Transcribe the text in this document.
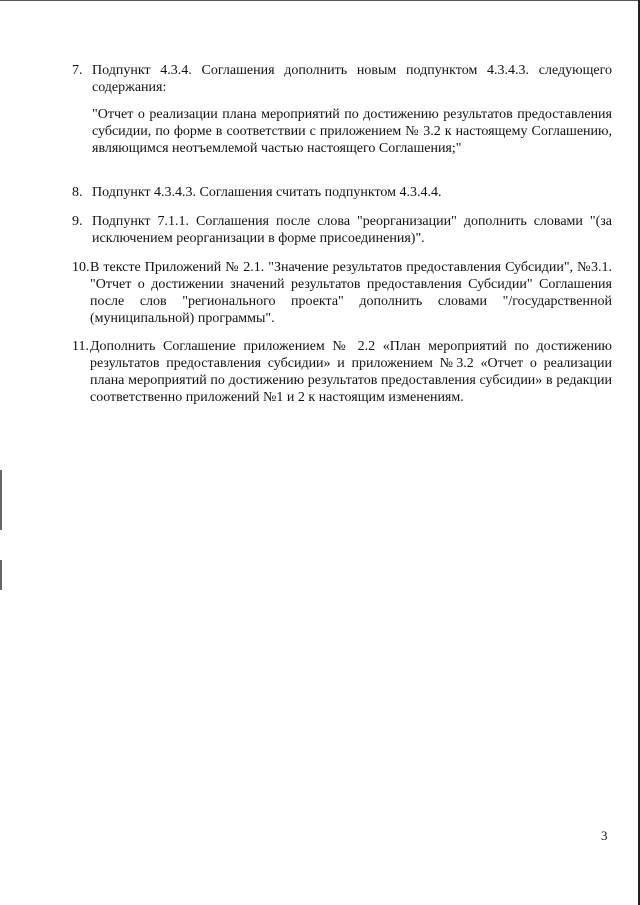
7. Подпункт 4.3.4. Соглашения дополнить новым подпунктом 4.3.4.3. следующего содержания:
"Отчет о реализации плана мероприятий по достижению результатов предоставления субсидии, по форме в соответствии с приложением № 3.2 к настоящему Соглашению, являющимся неотъемлемой частью настоящего Соглашения;"
8. Подпункт 4.3.4.3. Соглашения считать подпунктом 4.3.4.4.
9. Подпункт 7.1.1. Соглашения после слова "реорганизации" дополнить словами "(за исключением реорганизации в форме присоединения)".
10. В тексте Приложений № 2.1. "Значение результатов предоставления Субсидии", №3.1. "Отчет о достижении значений результатов предоставления Субсидии" Соглашения после слов "регионального проекта" дополнить словами "/государственной (муниципальной) программы".
11. Дополнить Соглашение приложением № 2.2 «План мероприятий по достижению результатов предоставления субсидии» и приложением №3.2 «Отчет о реализации плана мероприятий по достижению результатов предоставления субсидии» в редакции соответственно приложений №1 и 2 к настоящим изменениям.
3
